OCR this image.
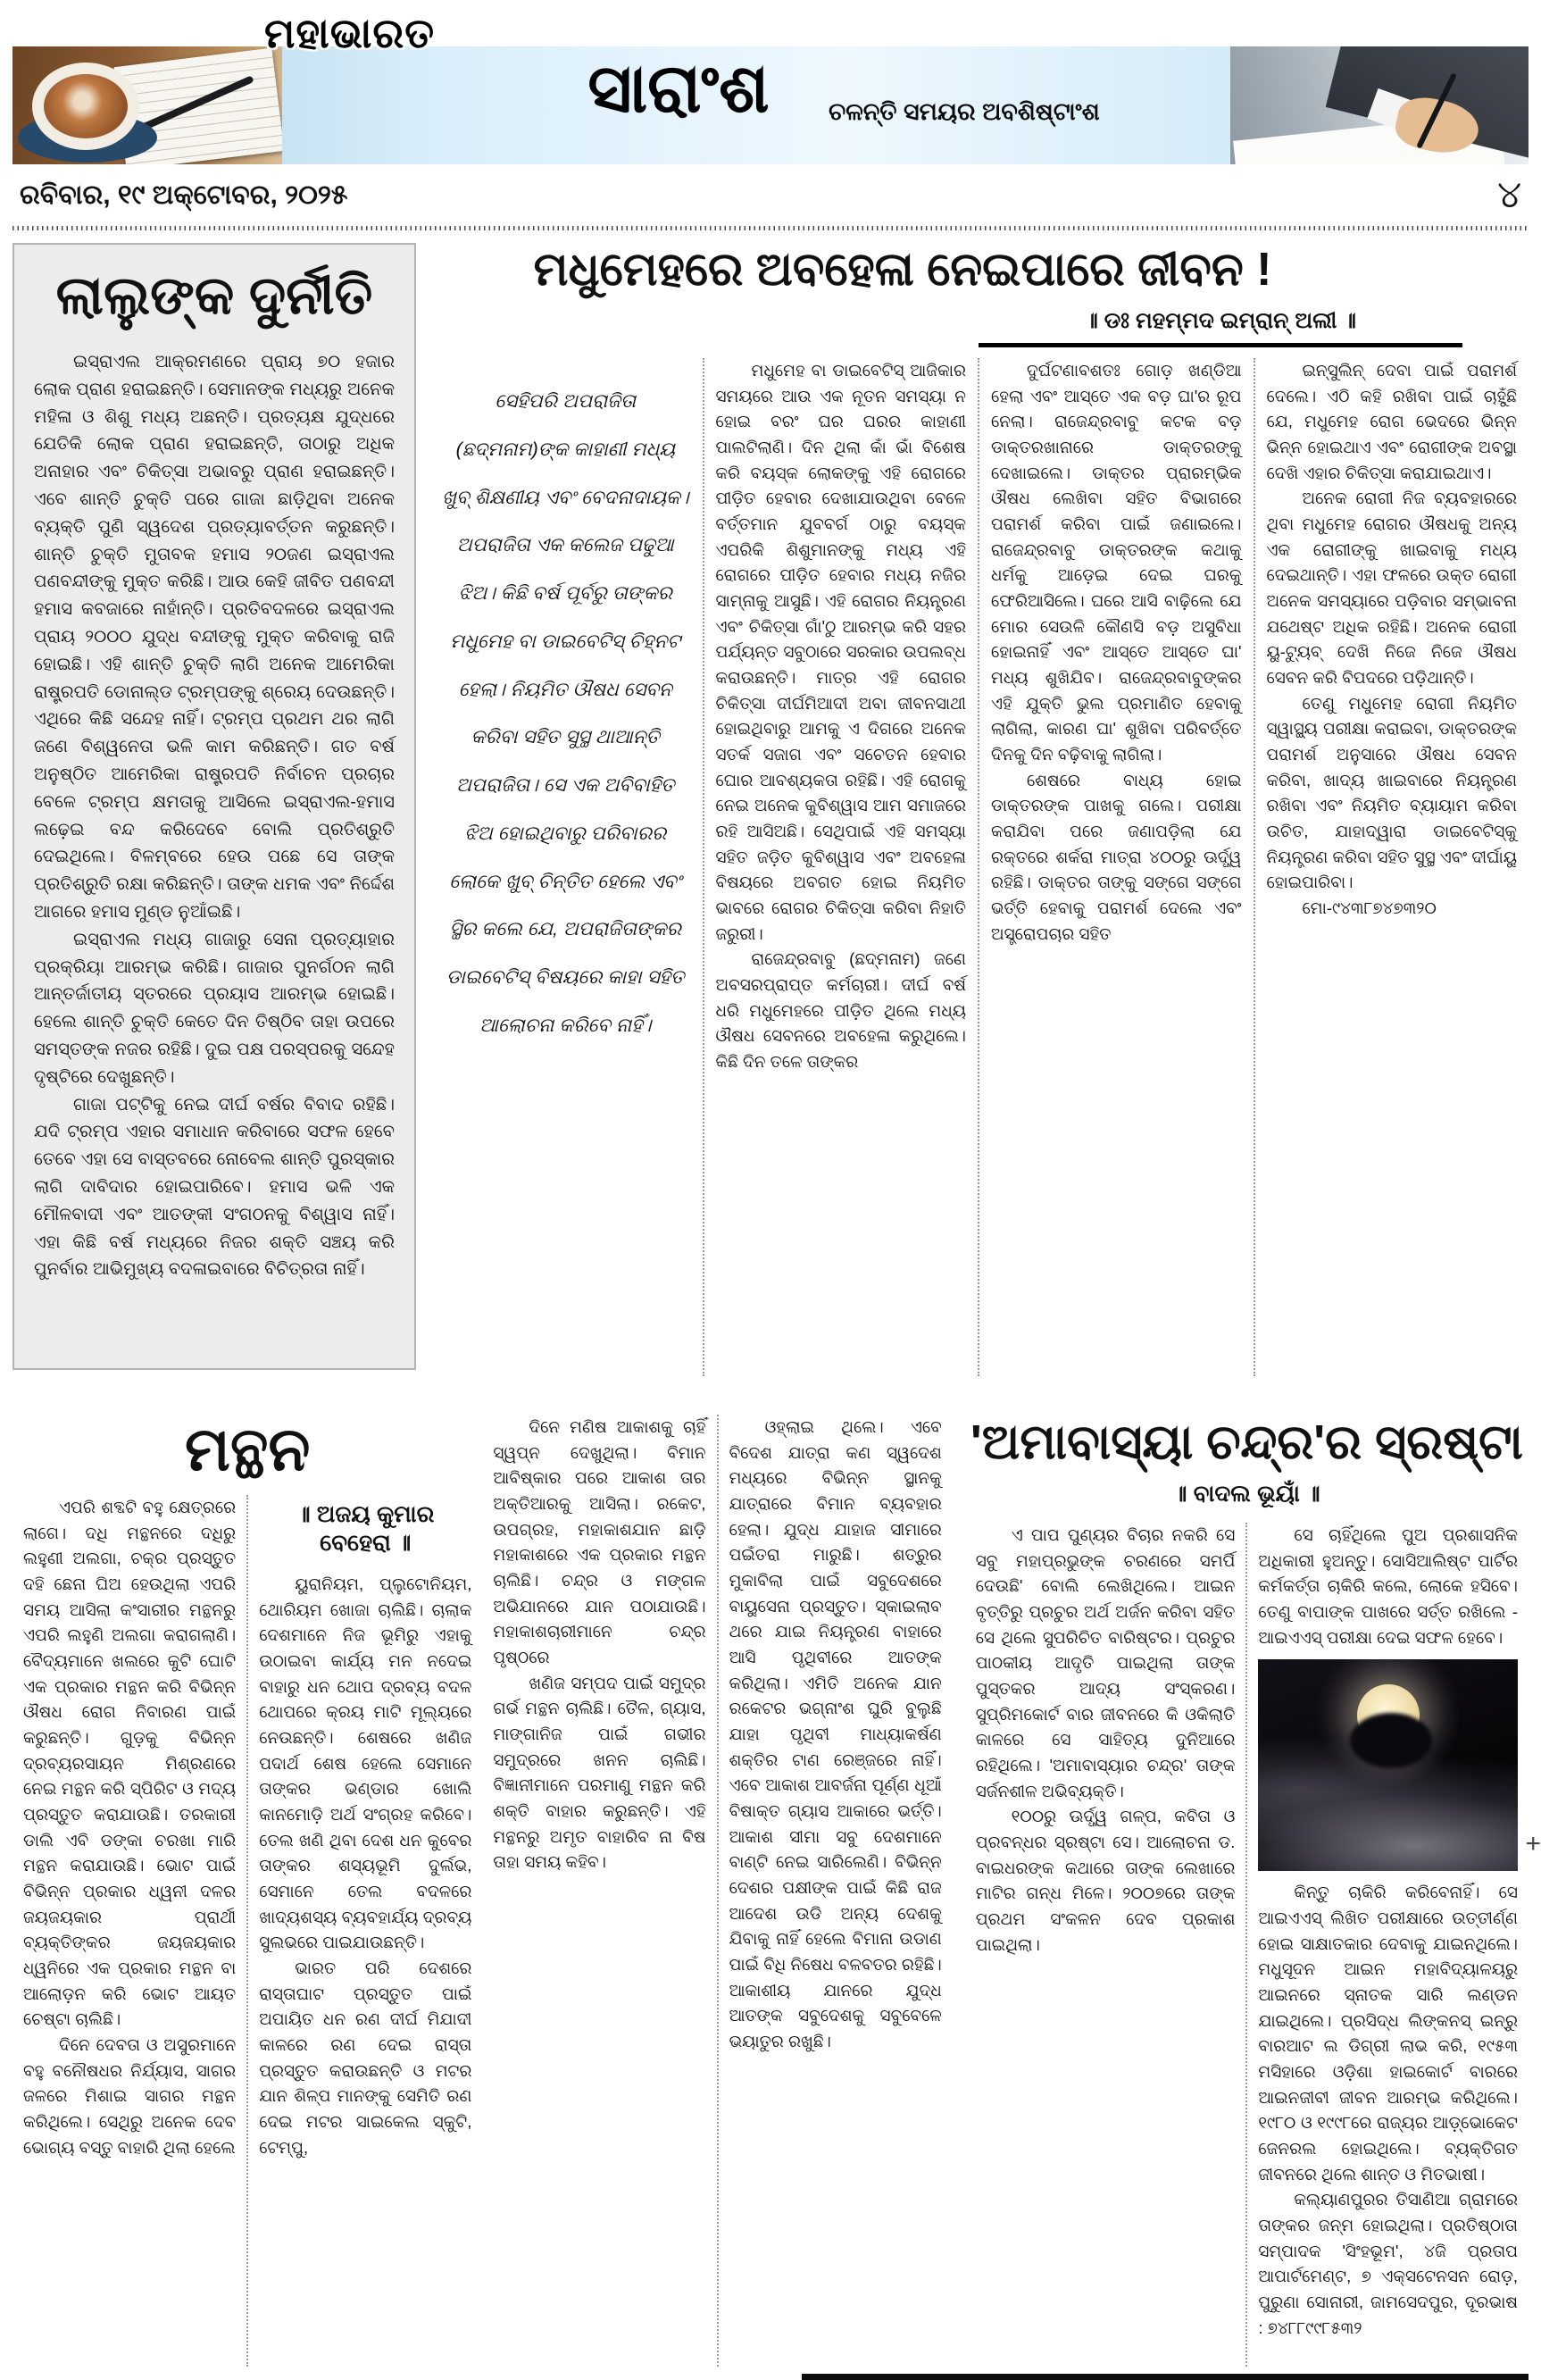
ମହାଭାରତ
ସାରାଂଶ	ଚଳନ୍ତି ସମୟର ଅବଶିଷ୍ଟାଂଶ
ରବିବାର, ୧୯ ଅକ୍ଟୋବର, ୨୦୨୫	୪
ଲାଲୁଙ୍କ ଦୁର୍ନୀତି

ଇସ୍ରାଏଲ ଆକ୍ରମଣରେ ପ୍ରାୟ ୭୦ ହଜାର ଲୋକ ପ୍ରାଣ ହରାଇଛନ୍ତି। ସେମାନଙ୍କ ମଧ୍ୟରୁ ଅନେକ ମହିଳା ଓ ଶିଶୁ ମଧ୍ୟ ଅଛନ୍ତି। ପ୍ରତ୍ୟକ୍ଷ ଯୁଦ୍ଧରେ ଯେତିକି ଲୋକ ପ୍ରାଣ ହରାଇଛନ୍ତି, ତାଠାରୁ ଅଧିକ ଅନାହାର ଏବଂ ଚିକିତ୍ସା ଅଭାବରୁ ପ୍ରାଣ ହରାଇଛନ୍ତି। ଏବେ ଶାନ୍ତି ଚୁକ୍ତି ପରେ ଗାଜା ଛାଡ଼ିଥିବା ଅନେକ ବ୍ୟକ୍ତି ପୁଣି ସ୍ୱଦେଶ ପ୍ରତ୍ୟାବର୍ତ୍ତନ କରୁଛନ୍ତି। ଶାନ୍ତି ଚୁକ୍ତି ମୁତାବକ ହମାସ ୨୦ଜଣ ଇସ୍ରାଏଲ ପଣବନ୍ଦୀଙ୍କୁ ମୁକ୍ତ କରିଛି। ଆଉ କେହି ଜୀବିତ ପଣବନ୍ଦୀ ହମାସ କବଜାରେ ନାହାଁନ୍ତି। ପ୍ରତିବଦଳରେ ଇସ୍ରାଏଲ ପ୍ରାୟ ୨୦୦୦ ଯୁଦ୍ଧ ବନ୍ଦୀଙ୍କୁ ମୁକ୍ତ କରିବାକୁ ରାଜି ହୋଇଛି। ଏହି ଶାନ୍ତି ଚୁକ୍ତି ଲାଗି ଅନେକ ଆମେରିକା ରାଷ୍ଟ୍ରପତି ଡୋନାଲ୍ଡ ଟ୍ରମ୍ପଙ୍କୁ ଶ୍ରେୟ ଦେଉଛନ୍ତି। ଏଥିରେ କିଛି ସନ୍ଦେହ ନାହିଁ। ଟ୍ରମ୍ପ ପ୍ରଥମ ଥର ଲାଗି ଜଣେ ବିଶ୍ୱନେତା ଭଳି କାମ କରିଛନ୍ତି। ଗତ ବର୍ଷ ଅନୁଷ୍ଠିତ ଆମେରିକା ରାଷ୍ଟ୍ରପତି ନିର୍ବାଚନ ପ୍ରଚାର ବେଳେ ଟ୍ରମ୍ପ କ୍ଷମତାକୁ ଆସିଲେ ଇସ୍ରାଏଲ-ହମାସ ଲଢ଼େଇ ବନ୍ଦ କରିଦେବେ ବୋଲି ପ୍ରତିଶ୍ରୁତି ଦେଇଥିଲେ। ବିଳମ୍ବରେ ହେଉ ପଛେ ସେ ତାଙ୍କ ପ୍ରତିଶ୍ରୁତି ରକ୍ଷା କରିଛନ୍ତି। ତାଙ୍କ ଧମକ ଏବଂ ନିର୍ଦ୍ଦେଶ ଆଗରେ ହମାସ ମୁଣ୍ଡ ନୁଆଁଇଛି।

ଇସ୍ରାଏଲ ମଧ୍ୟ ଗାଜାରୁ ସେନା ପ୍ରତ୍ୟାହାର ପ୍ରକ୍ରିୟା ଆରମ୍ଭ କରିଛି। ଗାଜାର ପୁନର୍ଗଠନ ଲାଗି ଆନ୍ତର୍ଜାତୀୟ ସ୍ତରରେ ପ୍ରୟାସ ଆରମ୍ଭ ହୋଇଛି। ହେଲେ ଶାନ୍ତି ଚୁକ୍ତି କେତେ ଦିନ ତିଷ୍ଠିବ ତାହା ଉପରେ ସମସ୍ତଙ୍କ ନଜର ରହିଛି। ଦୁଇ ପକ୍ଷ ପରସ୍ପରକୁ ସନ୍ଦେହ ଦୃଷ୍ଟିରେ ଦେଖୁଛନ୍ତି।

ଗାଜା ପଟ୍ଟିକୁ ନେଇ ଦୀର୍ଘ ବର୍ଷର ବିବାଦ ରହିଛି। ଯଦି ଟ୍ରମ୍ପ ଏହାର ସମାଧାନ କରିବାରେ ସଫଳ ହେବେ ତେବେ ଏହା ସେ ବାସ୍ତବରେ ନୋବେଲ ଶାନ୍ତି ପୁରସ୍କାର ଲାଗି ଦାବିଦାର ହୋଇପାରିବେ। ହମାସ ଭଳି ଏକ ମୌଳବାଦୀ ଏବଂ ଆତଙ୍କୀ ସଂଗଠନକୁ ବିଶ୍ୱାସ ନାହିଁ। ଏହା କିଛି ବର୍ଷ ମଧ୍ୟରେ ନିଜର ଶକ୍ତି ସଞ୍ଚୟ କରି ପୁନର୍ବାର ଆଭିମୁଖ୍ୟ ବଦଳାଇବାରେ ବିଚିତ୍ରତା ନାହିଁ।

ମଧୁମେହରେ ଅବହେଳା ନେଇପାରେ ଜୀବନ !
॥ ଡଃ ମହମ୍ମଦ ଇମ୍ରାନ୍ ଅଲୀ ॥
ସେହିପରି ଅପରାଜିତା (ଛଦ୍ମନାମ)ଙ୍କ କାହାଣୀ ମଧ୍ୟ ଖୁବ୍ ଶିକ୍ଷଣୀୟ ଏବଂ ବେଦନାଦାୟକ। ଅପରାଜିତା ଏକ କଲେଜ ପଢୁଆ ଝିଅ। କିଛି ବର୍ଷ ପୂର୍ବରୁ ତାଙ୍କର ମଧୁମେହ ବା ଡାଇବେଟିସ୍ ଚିହ୍ନଟ ହେଲା। ନିୟମିତ ଔଷଧ ସେବନ କରିବା ସହିତ ସୁସ୍ଥ ଥାଆନ୍ତି ଅପରାଜିତା। ସେ ଏକ ଅବିବାହିତ ଝିଅ ହୋଇଥିବାରୁ ପରିବାରର ଲୋକେ ଖୁବ୍ ଚିନ୍ତିତ ହେଲେ ଏବଂ ସ୍ଥିର କଲେ ଯେ, ଅପରାଜିତାଙ୍କର ଡାଇବେଟିସ୍ ବିଷୟରେ କାହା ସହିତ ଆଲୋଚନା କରିବେ ନାହିଁ।

ମଧୁମେହ ବା ଡାଇବେଟିସ୍ ଆଜିକାର ସମୟରେ ଆଉ ଏକ ନୂତନ ସମସ୍ୟା ନ ହୋଇ ବରଂ ଘର ଘରର କାହାଣୀ ପାଲଟିଲାଣି। ଦିନ ଥିଲା କାଁ ଭାଁ ବିଶେଷ କରି ବୟସ୍କ ଲୋକଙ୍କୁ ଏହି ରୋଗରେ ପୀଡ଼ିତ ହେବାର ଦେଖାଯାଉଥିବା ବେଳେ ବର୍ତ୍ତମାନ ଯୁବବର୍ଗ ଠାରୁ ବୟସ୍କ ଏପରିକି ଶିଶୁମାନଙ୍କୁ ମଧ୍ୟ ଏହି ରୋଗରେ ପୀଡ଼ିତ ହେବାର ମଧ୍ୟ ନଜିର ସାମ୍ନାକୁ ଆସୁଛି। ଏହି ରୋଗର ନିୟନ୍ତ୍ରଣ ଏବଂ ଚିକିତ୍ସା ଗାଁ'ଠୁ ଆରମ୍ଭ କରି ସହର ପର୍ଯ୍ୟନ୍ତ ସବୁଠାରେ ସରକାର ଉପଲବ୍ଧ କରାଉଛନ୍ତି। ମାତ୍ର ଏହି ରୋଗର ଚିକିତ୍ସା ଦୀର୍ଘମିଆଦୀ ଅବା ଜୀବନସାଥୀ ହୋଇଥିବାରୁ ଆମକୁ ଏ ଦିଗରେ ଅନେକ ସତର୍କ ସଜାଗ ଏବଂ ସଚେତନ ହେବାର ଘୋର ଆବଶ୍ୟକତା ରହିଛି। ଏହି ରୋଗକୁ ନେଇ ଅନେକ କୁବିଶ୍ୱାସ ଆମ ସମାଜରେ ରହି ଆସିଅଛି। ସେଥିପାଇଁ ଏହି ସମସ୍ୟା ସହିତ ଜଡ଼ିତ କୁବିଶ୍ୱାସ ଏବଂ ଅବହେଳା ବିଷୟରେ ଅବଗତ ହୋଇ ନିୟମିତ ଭାବରେ ରୋଗର ଚିକିତ୍ସା କରିବା ନିହାତି ଜରୁରୀ।

ରାଜେନ୍ଦ୍ରବାବୁ (ଛଦ୍ମନାମ) ଜଣେ ଅବସରପ୍ରାପ୍ତ କର୍ମଚାରୀ। ଦୀର୍ଘ ବର୍ଷ ଧରି ମଧୁମେହରେ ପୀଡ଼ିତ ଥିଲେ ମଧ୍ୟ ଔଷଧ ସେବନରେ ଅବହେଳା କରୁଥିଲେ। କିଛି ଦିନ ତଳେ ତାଙ୍କର

ଦୁର୍ଘଟଣାବଶତଃ ଗୋଡ଼ ଖଣ୍ଡିଆ ହେଲା ଏବଂ ଆସ୍ତେ ଏକ ବଡ଼ ଘା'ର ରୂପ ନେଲା। ରାଜେନ୍ଦ୍ରବାବୁ କଟକ ବଡ଼ ଡାକ୍ତରଖାନାରେ ଡାକ୍ତରଙ୍କୁ ଦେଖାଇଲେ। ଡାକ୍ତର ପ୍ରାରମ୍ଭିକ ଔଷଧ ଲେଖିବା ସହିତ ବିଭାଗରେ ପରାମର୍ଶ କରିବା ପାଇଁ ଜଣାଇଲେ। ରାଜେନ୍ଦ୍ରବାବୁ ଡାକ୍ତରଙ୍କ କଥାକୁ ଧର୍ମକୁ ଆଡ଼େଇ ଦେଇ ଘରକୁ ଫେରିଆସିଲେ। ଘରେ ଆସି ବାଢ଼ିଲେ ଯେ ମୋର ସେଉଳି କୌଣସି ବଡ଼ ଅସୁବିଧା ହୋଇନାହିଁ ଏବଂ ଆସ୍ତେ ଆସ୍ତେ ଘା' ମଧ୍ୟ ଶୁଖିଯିବ। ରାଜେନ୍ଦ୍ରବାବୁଙ୍କର ଏହି ଯୁକ୍ତି ଭୁଲ ପ୍ରମାଣିତ ହେବାକୁ ଲାଗିଲା, କାରଣ ଘା' ଶୁଖିବା ପରିବର୍ତ୍ତେ ଦିନକୁ ଦିନ ବଢ଼ିବାକୁ ଲାଗିଲା।

ଶେଷରେ ବାଧ୍ୟ ହୋଇ ଡାକ୍ତରଙ୍କ ପାଖକୁ ଗଲେ। ପରୀକ୍ଷା କରାଯିବା ପରେ ଜଣାପଡ଼ିଲା ଯେ ରକ୍ତରେ ଶର୍କରା ମାତ୍ରା ୪୦୦ରୁ ଊର୍ଦ୍ଧ୍ୱ ରହିଛି। ଡାକ୍ତର ତାଙ୍କୁ ସଙ୍ଗେ ସଙ୍ଗେ ଭର୍ତ୍ତି ହେବାକୁ ପରାମର୍ଶ ଦେଲେ ଏବଂ ଅସ୍ତ୍ରୋପଚାର ସହିତ

ଇନ୍‌ସୁଲିନ୍ ଦେବା ପାଇଁ ପରାମର୍ଶ ଦେଲେ। ଏଠି କହି ରଖିବା ପାଇଁ ଚାହୁଁଛି ଯେ, ମଧୁମେହ ରୋଗ ଭେଦରେ ଭିନ୍ନ ଭିନ୍ନ ହୋଇଥାଏ ଏବଂ ରୋଗୀଙ୍କ ଅବସ୍ଥା ଦେଖି ଏହାର ଚିକିତ୍ସା କରାଯାଇଥାଏ।

ଅନେକ ରୋଗୀ ନିଜ ବ୍ୟବହାରରେ ଥିବା ମଧୁମେହ ରୋଗର ଔଷଧକୁ ଅନ୍ୟ ଏକ ରୋଗୀଙ୍କୁ ଖାଇବାକୁ ମଧ୍ୟ ଦେଇଥାନ୍ତି। ଏହା ଫଳରେ ଉକ୍ତ ରୋଗୀ ଅନେକ ସମସ୍ୟାରେ ପଡ଼ିବାର ସମ୍ଭାବନା ଯଥେଷ୍ଟ ଅଧିକ ରହିଛି। ଅନେକ ରୋଗୀ ୟୁ-ଟ୍ୟୁବ୍ ଦେଖି ନିଜେ ନିଜେ ଔଷଧ ସେବନ କରି ବିପଦରେ ପଡ଼ିଥାନ୍ତି।

ତେଣୁ ମଧୁମେହ ରୋଗୀ ନିୟମିତ ସ୍ୱାସ୍ଥ୍ୟ ପରୀକ୍ଷା କରାଇବା, ଡାକ୍ତରଙ୍କ ପରାମର୍ଶ ଅନୁସାରେ ଔଷଧ ସେବନ କରିବା, ଖାଦ୍ୟ ଖାଇବାରେ ନିୟନ୍ତ୍ରଣ ରଖିବା ଏବଂ ନିୟମିତ ବ୍ୟାୟାମ କରିବା ଉଚିତ, ଯାହାଦ୍ୱାରା ଡାଇବେଟିସ୍‌କୁ ନିୟନ୍ତ୍ରଣ କରିବା ସହିତ ସୁସ୍ଥ ଏବଂ ଦୀର୍ଘାୟୁ ହୋଇପାରିବା।

ମୋ-୯୪୩୮୭୪୭୩୨୦

ମନ୍ଥନ

ଏପରି ଶବ୍ଦଟି ବହୁ କ୍ଷେତ୍ରରେ ଲାଗେ। ଦଧି ମନ୍ଥନରେ ଦଧିରୁ ଲହୁଣୀ ଅଲଗା, ଚକ୍ର ପ୍ରସ୍ତୁତ ଦହି ଛେନା ଘିଅ ହେଉଥିଲା ଏପରି ସମୟ ଆସିଲା କଂସାରୀର ମନ୍ଥନରୁ ଏପରି ଲହୁଣି ଅଲଗା କରାଗଲାଣି। ବୈଦ୍ୟମାନେ ଖଲରେ କୁଟି ଘୋଟି ଏକ ପ୍ରକାର ମନ୍ଥନ କରି ବିଭିନ୍ନ ଔଷଧ ରୋଗ ନିବାରଣ ପାଇଁ କରୁଛନ୍ତି। ଗୁଡ଼କୁ ବିଭିନ୍ନ ଦ୍ରବ୍ୟରସାୟନ ମିଶ୍ରଣରେ ନେଇ ମନ୍ଥନ କରି ସ୍ପିରିଟ ଓ ମଦ୍ୟ ପ୍ରସ୍ତୁତ କରାଯାଉଛି। ତରକାରୀ ଡାଲି ଏବି ଡଙ୍କା ଚରଖା ମାରି ମନ୍ଥନ କରାଯାଉଛି। ଭୋଟ ପାଇଁ ବିଭିନ୍ନ ପ୍ରକାର ଧ୍ୱନୀ ଦଳର ଜୟଜୟକାର ପ୍ରାର୍ଥୀ ବ୍ୟକ୍ତିଙ୍କର ଜୟଜୟକାର ଧ୍ୱନିରେ ଏକ ପ୍ରକାର ମନ୍ଥନ ବା ଆଲୋଡ଼ନ କରି ଭୋଟ ଆୟତ ଚେଷ୍ଟା ଚାଲିଛି।

ଦିନେ ଦେବତା ଓ ଅସୁରମାନେ ବହୁ ବନୌଷଧର ନିର୍ଯ୍ୟାସ, ସାଗର ଜଳରେ ମିଶାଇ ସାଗର ମନ୍ଥନ କରିଥିଲେ। ସେଥିରୁ ଅନେକ ଦେବ ଭୋଗ୍ୟ ବସ୍ତୁ ବାହାରି ଥିଲା ହେଲେ

॥ ଅଜୟ କୁମାର ବେହେରା ॥

ୟୁରାନିୟମ, ପ୍ଲୁଟୋନିୟମ, ଥୋରିୟମ ଖୋଜା ଚାଲିଛି। ଚାଲାକ ଦେଶମାନେ ନିଜ ଭୂମିରୁ ଏହାକୁ ଉଠାଇବା କାର୍ଯ୍ୟ ମନ ନଦେଇ ବାହାରୁ ଧନ ଥୋପ ଦ୍ରବ୍ୟ ବଦଳ ଥୋପରେ କ୍ରୟ ମାଟି ମୂଲ୍ୟରେ ନେଉଛନ୍ତି। ଶେଷରେ ଖଣିଜ ପଦାର୍ଥ ଶେଷ ହେଲେ ସେମାନେ ତାଙ୍କର ଭଣ୍ଡାର ଖୋଲି କାନମୋଡ଼ି ଅର୍ଥ ସଂଗ୍ରହ କରିବେ। ତେଲ ଖଣି ଥିବା ଦେଶ ଧନ କୁବେର ତାଙ୍କର ଶସ୍ୟଭୂମି ଦୁର୍ଲଭ, ସେମାନେ ତେଲ ବଦଳରେ ଖାଦ୍ୟଶସ୍ୟ ବ୍ୟବହାର୍ଯ୍ୟ ଦ୍ରବ୍ୟ ସୁଲଭରେ ପାଇଯାଉଛନ୍ତି।

ଭାରତ ପରି ଦେଶରେ ରାସ୍ତାଘାଟ ପ୍ରସ୍ତୁତ ପାଇଁ ଅପାୟିତ ଧନ ରଣ ଦୀର୍ଘ ମିଯାଦୀ କାଳରେ ରଣ ଦେଇ ରାସ୍ତା ପ୍ରସ୍ତୁତ କରାଉଛନ୍ତି ଓ ମଟର ଯାନ ଶିଳ୍ପ ମାନଙ୍କୁ ସେମିତି ରଣ ଦେଇ ମଟର ସାଇକେଲ ସ୍କୁଟି, ଟେମ୍ପୁ,

ଦିନେ ମଣିଷ ଆକାଶକୁ ଚାହିଁ ସ୍ୱପ୍ନ ଦେଖୁଥିଲା। ବିମାନ ଆବିଷ୍କାର ପରେ ଆକାଶ ତାର ଅକ୍ତିଆରକୁ ଆସିଲା। ରକେଟ, ଉପଗ୍ରହ, ମହାକାଶଯାନ ଛାଡ଼ି ମହାକାଶରେ ଏକ ପ୍ରକାର ମନ୍ଥନ ଚାଲିଛି। ଚନ୍ଦ୍ର ଓ ମଙ୍ଗଳ ଅଭିଯାନରେ ଯାନ ପଠାଯାଉଛି। ମହାକାଶଚାରୀମାନେ ଚନ୍ଦ୍ର ପୃଷ୍ଠରେ

ଖଣିଜ ସମ୍ପଦ ପାଇଁ ସମୁଦ୍ର ଗର୍ଭ ମନ୍ଥନ ଚାଲିଛି। ତୈଳ, ଗ୍ୟାସ, ମାଙ୍ଗାନିଜ ପାଇଁ ଗଭୀର ସମୁଦ୍ରରେ ଖନନ ଚାଲିଛି। ବିଜ୍ଞାନୀମାନେ ପରମାଣୁ ମନ୍ଥନ କରି ଶକ୍ତି ବାହାର କରୁଛନ୍ତି। ଏହି ମନ୍ଥନରୁ ଅମୃତ ବାହାରିବ ନା ବିଷ ତାହା ସମୟ କହିବ।

ଓହ୍ଲାଇ ଥିଲେ। ଏବେ ବିଦେଶ ଯାତ୍ରା କଣ ସ୍ୱଦେଶ ମଧ୍ୟରେ ବିଭିନ୍ନ ସ୍ଥାନକୁ ଯାତ୍ରାରେ ବିମାନ ବ୍ୟବହାର ହେଲା। ଯୁଦ୍ଧ ଯାହାଜ ସୀମାରେ ପଇଁତରା ମାରୁଛି। ଶତ୍ରୁର ମୁକାବିଲା ପାଇଁ ସବୁଦେଶରେ ବାୟୁସେନା ପ୍ରସ୍ତୁତ। ସ୍କାଇଲାବ ଥରେ ଯାଇ ନିୟନ୍ତ୍ରଣ ବାହାରେ ଆସି ପୃଥିବୀରେ ଆତଙ୍କ କରିଥିଲା। ଏମିତି ଅନେକ ଯାନ ରକେଟର ଭଗ୍ନାଂଶ ଘୁରି ବୁଲୁଛି ଯାହା ପୃଥିବୀ ମାଧ୍ୟାକର୍ଷଣ ଶକ୍ତିର ଟାଣ ରେଞ୍ଜରେ ନାହିଁ। ଏବେ ଆକାଶ ଆବର୍ଜନା ପୂର୍ଣ୍ଣ ଧୂଆଁ ବିଷାକ୍ତ ଗ୍ୟାସ ଆକାରେ ଭର୍ତ୍ତି। ଆକାଶ ସୀମା ସବୁ ଦେଶମାନେ ବାଣ୍ଟି ନେଇ ସାରିଲେଣି। ବିଭିନ୍ନ ଦେଶର ପକ୍ଷୀଙ୍କ ପାଇଁ କିଛି ରାଜ ଆଦେଶ ଉଡି ଅନ୍ୟ ଦେଶକୁ ଯିବାକୁ ନାହିଁ ହେଲେ ବିମାନା ଉଡାଣ ପାଇଁ ବିଧି ନିଷେଧ ବଳବତର ରହିଛି। ଆକାଶୀୟ ଯାନରେ ଯୁଦ୍ଧ ଆତଙ୍କ ସବୁଦେଶକୁ ସବୁବେଳେ ଭୟାତୁର ରଖୁଛି।

'ଅମାବାସ୍ୟା ଚନ୍ଦ୍ର'ର ସ୍ରଷ୍ଟା
॥ ବାଦଲ ଭୂୟାଁ ॥

ଏ ପାପ ପୁଣ୍ୟର ବିଚାର ନକରି ସେ ସବୁ ମହାପ୍ରଭୁଙ୍କ ଚରଣରେ ସମର୍ପି ଦେଉଛି' ବୋଲି ଲେଖିଥିଲେ। ଆଇନ ବୃତ୍ତିରୁ ପ୍ରଚୁର ଅର୍ଥ ଅର୍ଜନ କରିବା ସହିତ ସେ ଥିଲେ ସୁପରିଚିତ ବାରିଷ୍ଟର। ପ୍ରଚୁର ପାଠକୀୟ ଆଦୃତି ପାଇଥିଲା ତାଙ୍କ ପୁସ୍ତକର ଆଦ୍ୟ ସଂସ୍କରଣ। ସୁପ୍ରିମକୋର୍ଟ ବାର ଜୀବନରେ କି ଓକିଲାତି କାଳରେ ସେ ସାହିତ୍ୟ ଦୁନିଆରେ ରହିଥିଲେ। 'ଅମାବାସ୍ୟାର ଚନ୍ଦ୍ର' ତାଙ୍କ ସର୍ଜନଶୀଳ ଅଭିବ୍ୟକ୍ତି।

୧୦୦ରୁ ଊର୍ଦ୍ଧ୍ୱ ଗଳ୍ପ, କବିତା ଓ ପ୍ରବନ୍ଧର ସ୍ରଷ୍ଟା ସେ। ଆଲୋଚନା ଡ. ବାଇଧରଙ୍କ କଥାରେ ତାଙ୍କ ଲେଖାରେ ମାଟିର ଗନ୍ଧ ମିଳେ। ୨୦୦୭ରେ ତାଙ୍କ ପ୍ରଥମ ସଂକଳନ ଦେବ ପ୍ରକାଶ ପାଇଥିଲା।

ସେ ଚାହିଁଥିଲେ ପୁଅ ପ୍ରଶାସନିକ ଅଧିକାରୀ ହୁଅନ୍ତୁ। ସୋସିଆଲିଷ୍ଟ ପାର୍ଟିର କର୍ମକର୍ତ୍ତା ଚାକିରି କଲେ, ଲୋକେ ହସିବେ। ତେଣୁ ବାପାଙ୍କ ପାଖରେ ସର୍ତ୍ତ ରଖିଲେ - ଆଇଏଏସ୍ ପରୀକ୍ଷା ଦେଇ ସଫଳ ହେବେ।

କିନ୍ତୁ ଚାକିରି କରିବେନାହିଁ। ସେ ଆଇଏଏସ୍ ଲିଖିତ ପରୀକ୍ଷାରେ ଉତ୍ତୀର୍ଣ୍ଣ ହୋଇ ସାକ୍ଷାତକାର ଦେବାକୁ ଯାଇନଥିଲେ। ମଧୁସୂଦନ ଆଇନ ମହାବିଦ୍ୟାଳୟରୁ ଆଇନରେ ସ୍ନାତକ ସାରି ଲଣ୍ଡନ ଯାଇଥିଲେ। ପ୍ରସିଦ୍ଧ ଲିଙ୍କନସ୍ ଇନ୍‌ରୁ ବାରଆଟ ଲ ଡିଗ୍ରୀ ଲାଭ କରି, ୧୯୫୩ ମସିହାରେ ଓଡ଼ିଶା ହାଇକୋର୍ଟ ବାରରେ ଆଇନଜୀବୀ ଜୀବନ ଆରମ୍ଭ କରିଥିଲେ। ୧୯୮୦ ଓ ୧୯୯୮ରେ ରାଜ୍ୟର ଆଡ଼୍‌ଭୋକେଟ ଜେନରଲ ହୋଇଥିଲେ। ବ୍ୟକ୍ତିଗତ ଜୀବନରେ ଥିଲେ ଶାନ୍ତ ଓ ମିତଭାଷୀ।

କଲ୍ୟାଣପୁରର ତିସାଣିଆ ଗ୍ରାମରେ ତାଙ୍କର ଜନ୍ମ ହୋଇଥିଲା। ପ୍ରତିଷ୍ଠାତା ସମ୍ପାଦକ 'ସିଂହଭୂମ', ୪ଜି ପ୍ରତାପ ଆପାର୍ଟମେଣ୍ଟ, ୭ ଏକ୍ସଟେନସନ ରୋଡ଼, ପୁରୁଣା ସୋନାରୀ, ଜାମସେଦପୁର, ଦୂରଭାଷ : ୭୪୮୮୯୯୮୫୩୨

+
